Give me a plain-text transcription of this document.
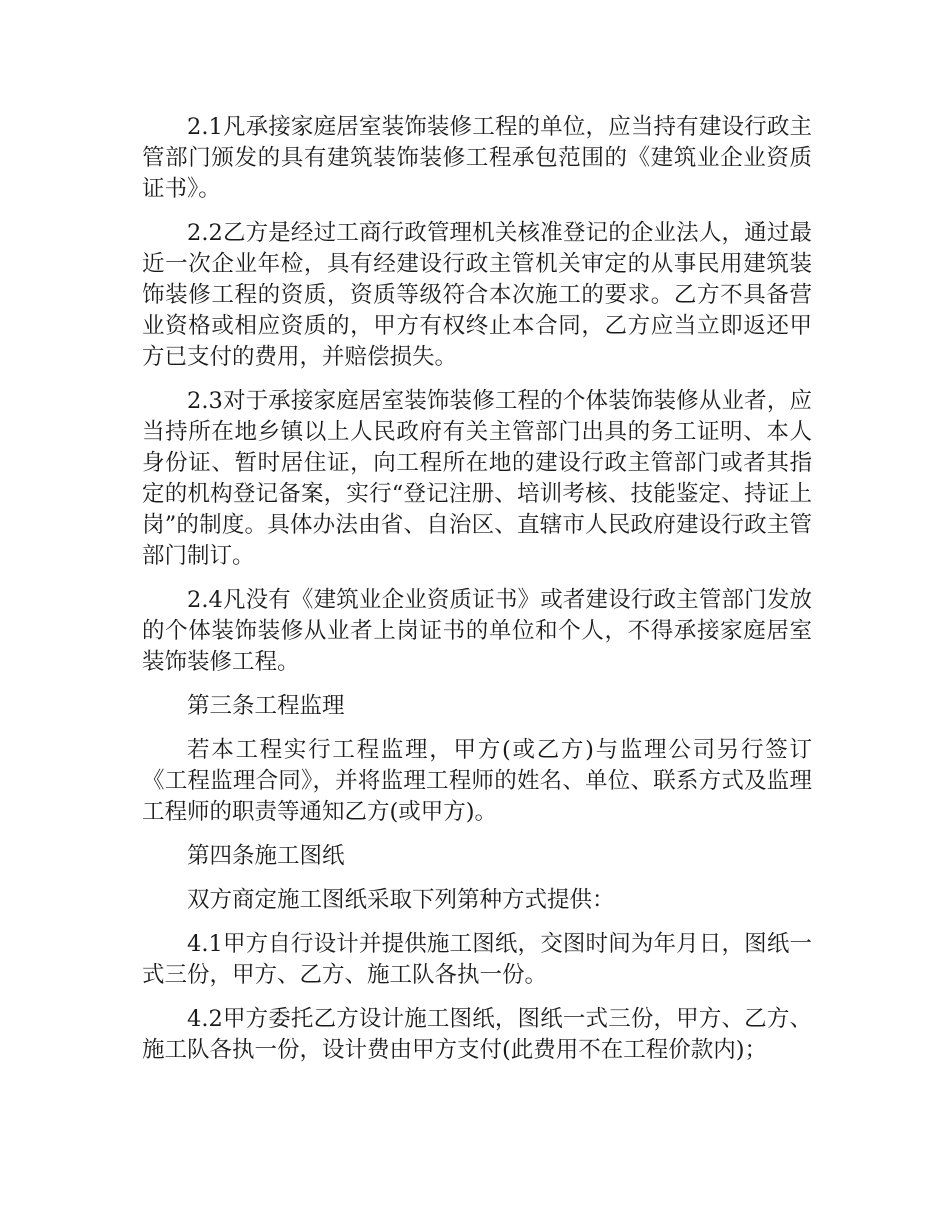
2.1凡承接家庭居室装饰装修工程的单位，应当持有建设行政主管部门颁发的具有建筑装饰装修工程承包范围的《建筑业企业资质证书》。

2.2乙方是经过工商行政管理机关核准登记的企业法人，通过最近一次企业年检，具有经建设行政主管机关审定的从事民用建筑装饰装修工程的资质，资质等级符合本次施工的要求。乙方不具备营业资格或相应资质的，甲方有权终止本合同，乙方应当立即返还甲方已支付的费用，并赔偿损失。

2.3对于承接家庭居室装饰装修工程的个体装饰装修从业者，应当持所在地乡镇以上人民政府有关主管部门出具的务工证明、本人身份证、暂时居住证，向工程所在地的建设行政主管部门或者其指定的机构登记备案，实行“登记注册、培训考核、技能鉴定、持证上岗”的制度。具体办法由省、自治区、直辖市人民政府建设行政主管部门制订。

2.4凡没有《建筑业企业资质证书》或者建设行政主管部门发放的个体装饰装修从业者上岗证书的单位和个人，不得承接家庭居室装饰装修工程。

第三条工程监理

若本工程实行工程监理，甲方(或乙方)与监理公司另行签订《工程监理合同》，并将监理工程师的姓名、单位、联系方式及监理工程师的职责等通知乙方(或甲方)。

第四条施工图纸

双方商定施工图纸采取下列第种方式提供：

4.1甲方自行设计并提供施工图纸，交图时间为年月日，图纸一式三份，甲方、乙方、施工队各执一份。

4.2甲方委托乙方设计施工图纸，图纸一式三份，甲方、乙方、施工队各执一份，设计费由甲方支付(此费用不在工程价款内)；
